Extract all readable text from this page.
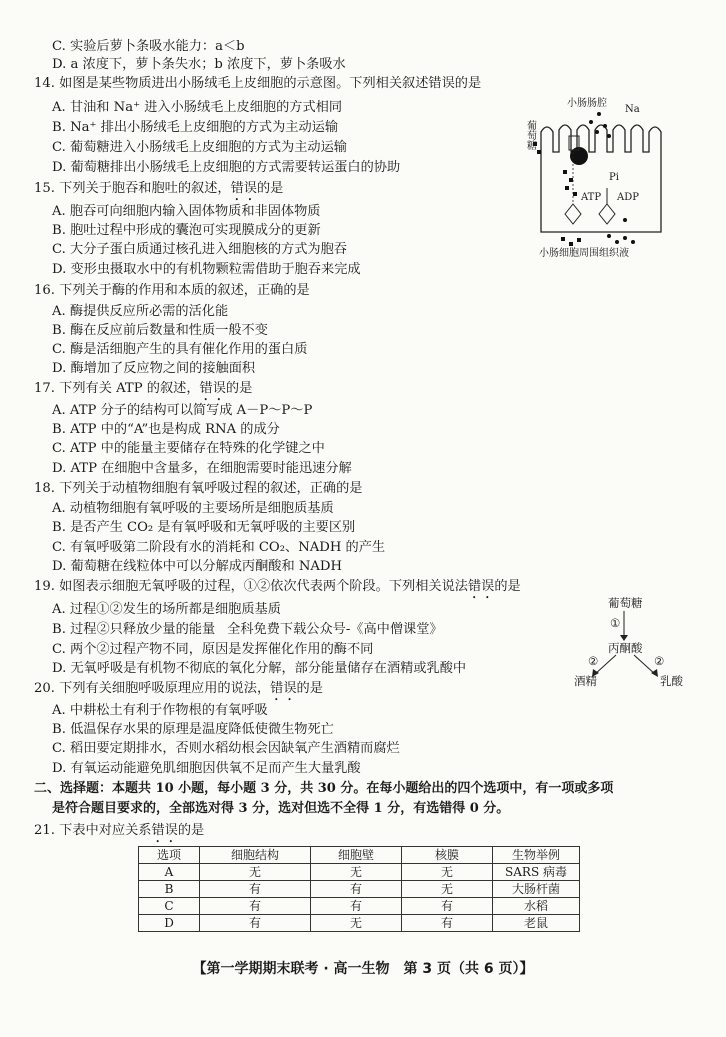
C. 实验后萝卜条吸水能力：a＜b
D. a 浓度下，萝卜条失水；b 浓度下，萝卜条吸水
14. 如图是某些物质进出小肠绒毛上皮细胞的示意图。下列相关叙述错误的是
A. 甘油和 Na⁺ 进入小肠绒毛上皮细胞的方式相同
B. Na⁺ 排出小肠绒毛上皮细胞的方式为主动运输
C. 葡萄糖进入小肠绒毛上皮细胞的方式为主动运输
D. 葡萄糖排出小肠绒毛上皮细胞的方式需要转运蛋白的协助
葡萄糖
小肠肠腔
Na
Pi
ATP ADP
小肠细胞周围组织液
15. 下列关于胞吞和胞吐的叙述，错误的是
A. 胞吞可向细胞内输入固体物质和非固体物质
B. 胞吐过程中形成的囊泡可实现膜成分的更新
C. 大分子蛋白质通过核孔进入细胞核的方式为胞吞
D. 变形虫摄取水中的有机物颗粒需借助于胞吞来完成
16. 下列关于酶的作用和本质的叙述，正确的是
A. 酶提供反应所必需的活化能
B. 酶在反应前后数量和性质一般不变
C. 酶是活细胞产生的具有催化作用的蛋白质
D. 酶增加了反应物之间的接触面积
17. 下列有关 ATP 的叙述，错误的是
A. ATP 分子的结构可以简写成 A－P～P～P
B. ATP 中的“A”也是构成 RNA 的成分
C. ATP 中的能量主要储存在特殊的化学键之中
D. ATP 在细胞中含量多，在细胞需要时能迅速分解
18. 下列关于动植物细胞有氧呼吸过程的叙述，正确的是
A. 动植物细胞有氧呼吸的主要场所是细胞质基质
B. 是否产生 CO₂ 是有氧呼吸和无氧呼吸的主要区别
C. 有氧呼吸第二阶段有水的消耗和 CO₂、NADH 的产生
D. 葡萄糖在线粒体中可以分解成丙酮酸和 NADH
19. 如图表示细胞无氧呼吸的过程，①②依次代表两个阶段。下列相关说法错误的是
A. 过程①②发生的场所都是细胞质基质
B. 过程②只释放少量的能量 全科免费下载公众号-《高中僧课堂》
C. 两个②过程产物不同，原因是发挥催化作用的酶不同
D. 无氧呼吸是有机物不彻底的氧化分解，部分能量储存在酒精或乳酸中
葡萄糖
①
丙酮酸
②	②
酒精	乳酸
20. 下列有关细胞呼吸原理应用的说法，错误的是
A. 中耕松土有利于作物根的有氧呼吸
B. 低温保存水果的原理是温度降低使微生物死亡
C. 稻田要定期排水，否则水稻幼根会因缺氧产生酒精而腐烂
D. 有氧运动能避免肌细胞因供氧不足而产生大量乳酸
二、选择题：本题共 10 小题，每小题 3 分，共 30 分。在每小题给出的四个选项中，有一项或多项
是符合题目要求的，全部选对得 3 分，选对但选不全得 1 分，有选错得 0 分。
21. 下表中对应关系错误的是
选项	细胞结构	细胞壁	核膜	生物举例
A	无	无	无	SARS 病毒
B	有	有	无	大肠杆菌
C	有	有	有	水稻
D	有	无	有	老鼠
【第一学期期末联考 · 高一生物　第 3 页（共 6 页）】
